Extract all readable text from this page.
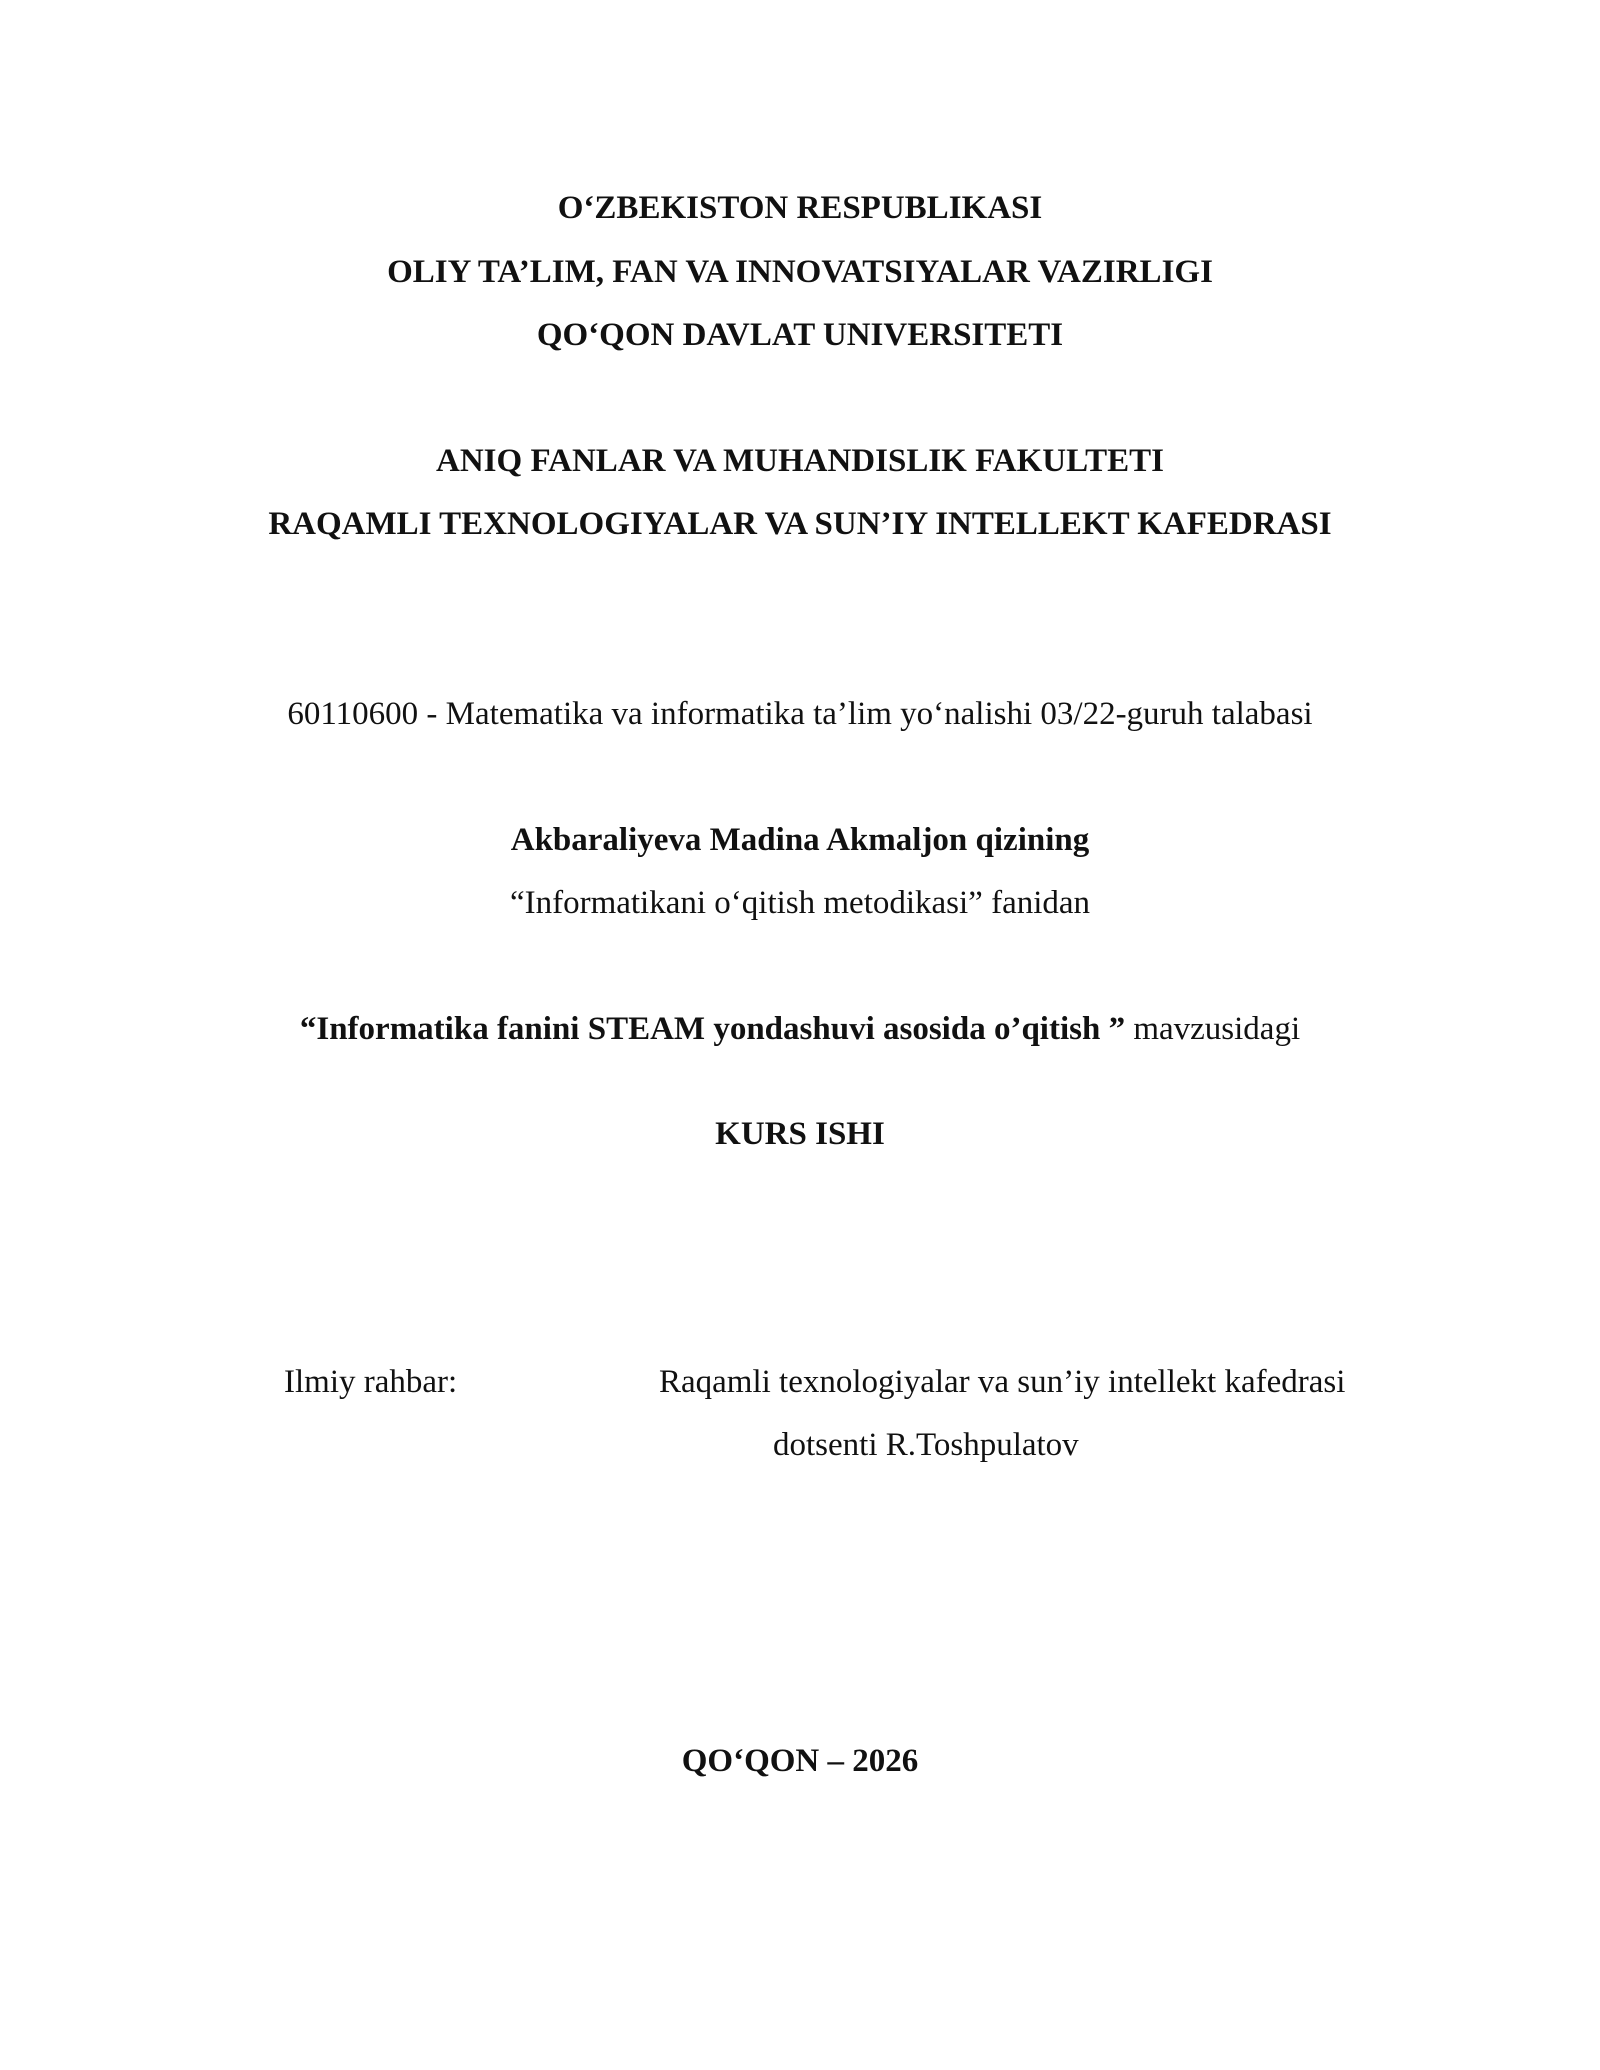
O‘ZBEKISTON RESPUBLIKASI
OLIY TA’LIM, FAN VA INNOVATSIYALAR VAZIRLIGI
QO‘QON DAVLAT UNIVERSITETI
ANIQ FANLAR VA MUHANDISLIK FAKULTETI
RAQAMLI TEXNOLOGIYALAR VA SUN’IY INTELLEKT KAFEDRASI
60110600 - Matematika va informatika ta’lim yo‘nalishi 03/22-guruh talabasi
Akbaraliyeva Madina Akmaljon qizining
“Informatikani o‘qitish metodikasi” fanidan
“Informatika fanini STEAM yondashuvi asosida o’qitish ” mavzusidagi
KURS ISHI
Ilmiy rahbar:	Raqamli texnologiyalar va sun’iy intellekt kafedrasi
dotsenti R.Toshpulatov
QO‘QON – 2026
